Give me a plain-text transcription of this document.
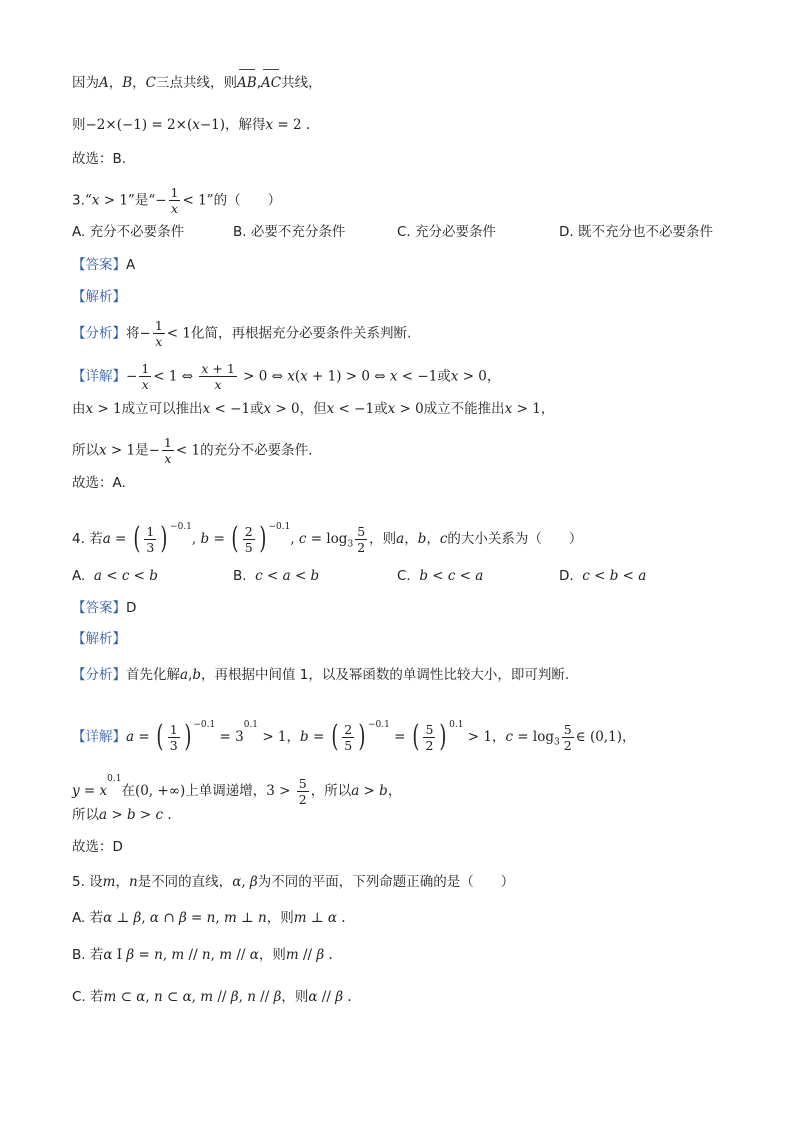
因为A，B，C三点共线，则AB,AC共线，
则−2×(−1) = 2×(x−1)，解得x = 2 .
故选：B.
3.“x > 1”是“− $\frac{1}{x} < 1$”的（　　）
A. 充分不必要条件	B. 必要不充分条件	C. 充分必要条件	D. 既不充分也不必要条件
【答案】A
【解析】
【分析】将− $\frac{1}{x} < 1$化简，再根据充分必要条件关系判断.
【详解】− $\frac{1}{x} < 1$ ⇔ $\frac{x + 1}{x} > 0$ ⇔ x(x + 1) > 0 ⇔ x < −1或x > 0，
由x > 1成立可以推出x < −1或x > 0，但x < −1或x > 0成立不能推出x > 1，
所以x > 1是− $\frac{1}{x} < 1$的充分不必要条件.
故选：A.
4. 若a = ( $\frac{1}{3}$ ) $^{-0.1}$, b = ( $\frac{2}{5}$ ) $^{-0.1}$, $c = \log_3 \frac{5}{2}$ ，则a，b，c的大小关系为（　　）
A. a < c < b	B. c < a < b	C. b < c < a	D. c < b < a
【答案】D
【解析】
【分析】首先化解a,b，再根据中间值 1，以及幂函数的单调性比较大小，即可判断.
【详解】a = ( $\frac{1}{3}$ ) $^{-0.1} = 3^{0.1} > 1$，b = ( $\frac{2}{5}$ ) $^{-0.1}$ = ( $\frac{5}{2}$ ) $^{0.1}$ > 1，$c = \log_3 \frac{5}{2}$ ∈ (0,1)，
$y = x^{0.1}$在(0, +∞)上单调递增，$3 > \frac{5}{2}$ ，所以a > b，
所以a > b > c .
故选：D
5. 设m，n是不同的直线，α, β为不同的平面，下列命题正确的是（　　）
A. 若α ⊥ β, α ∩ β = n, m ⊥ n，则m ⊥ α .
B. 若α I β = n, m // n, m // α，则m // β .
C. 若m ⊂ α, n ⊂ α, m // β, n // β，则α // β .
